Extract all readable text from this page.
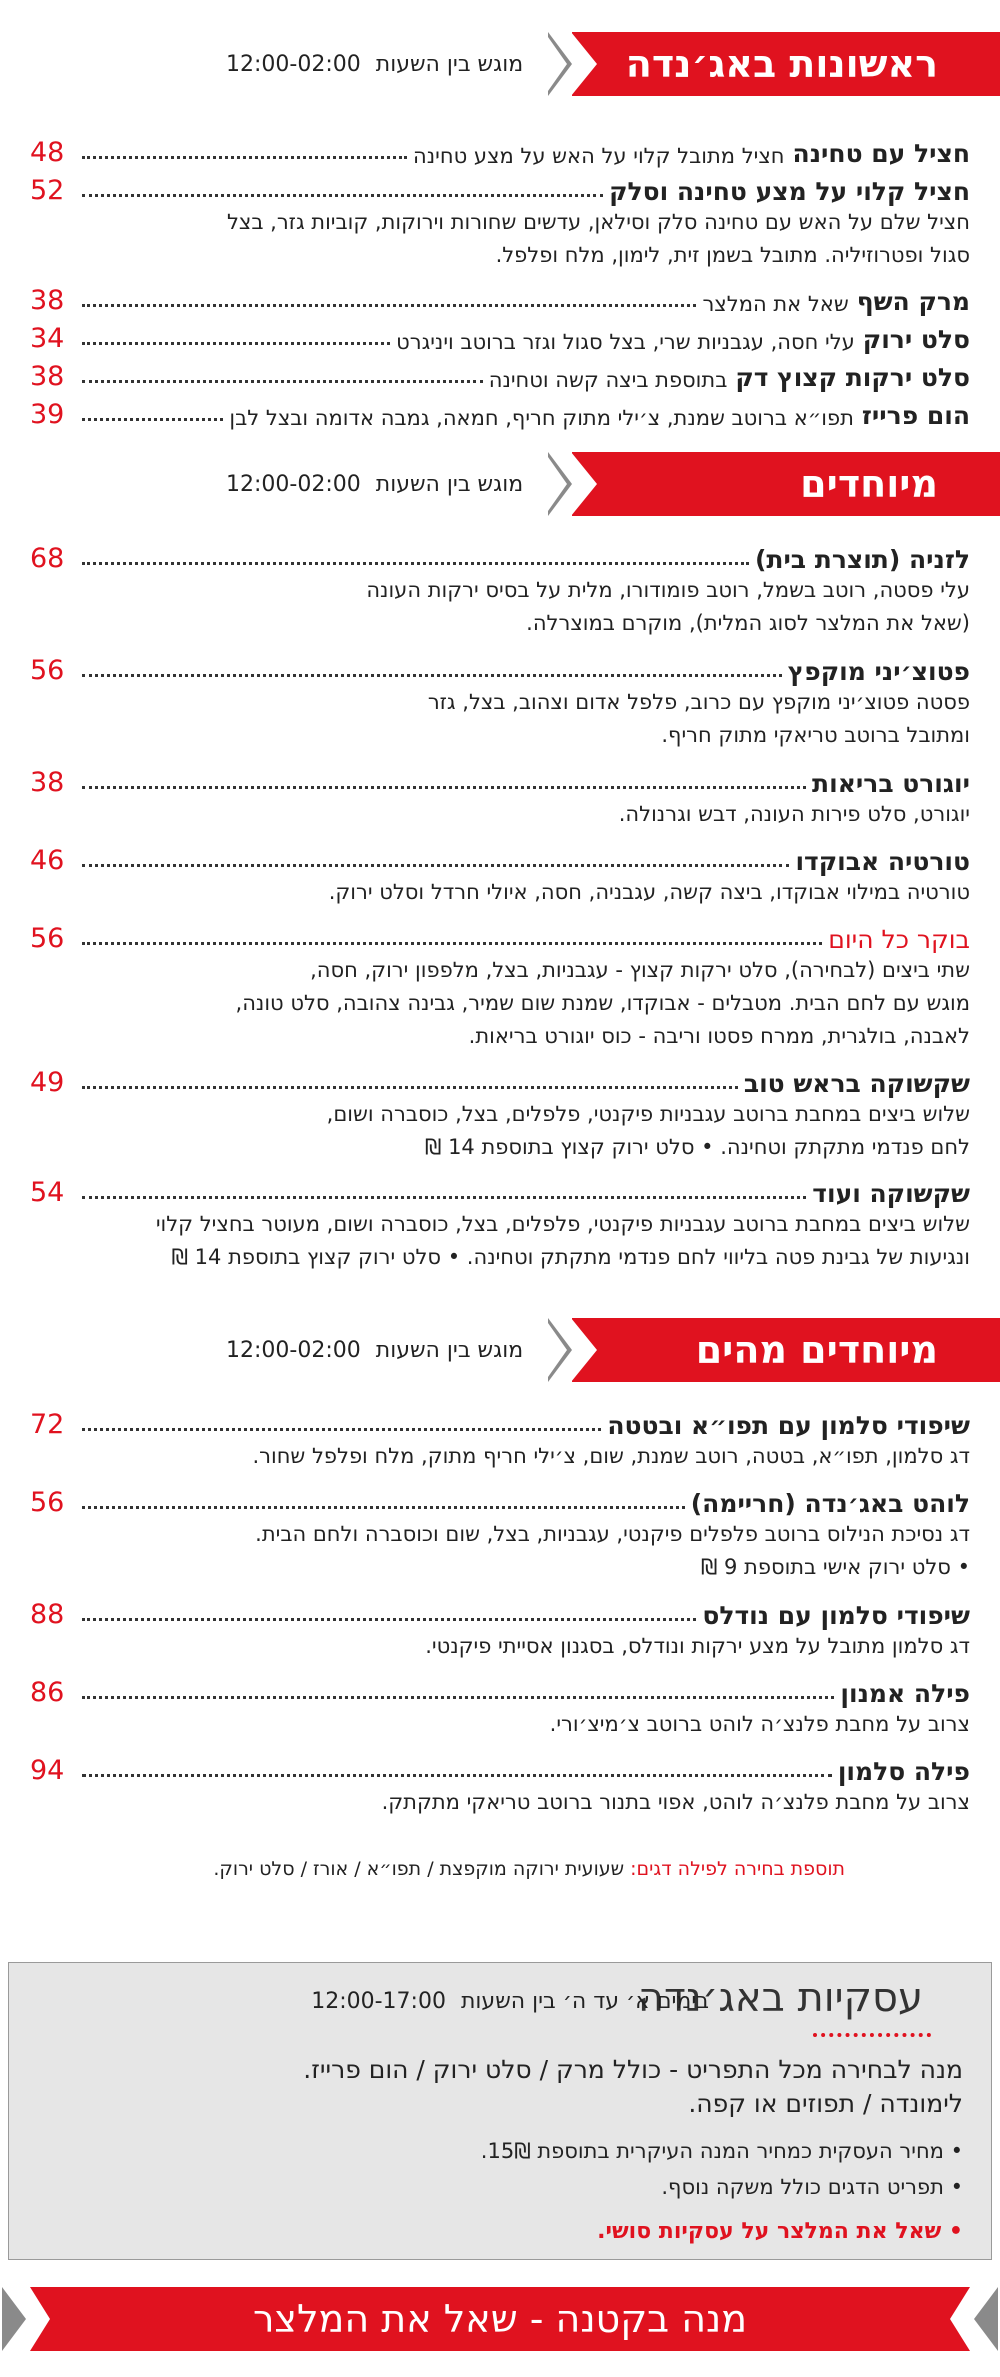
ראשונות באג׳נדה
מוגש בין השעות 12:00-02:00
חציל עם טחינה
חציל מתובל קלוי על האש על מצע טחינה
48
חציל קלוי על מצע טחינה וסלק
52
חציל שלם על האש עם טחינה סלק וסילאן, עדשים שחורות וירוקות, קוביות גזר, בצל
סגול ופטרוזיליה. מתובל בשמן זית, לימון, מלח ופלפל.
מרק השף
שאל את המלצר
38
סלט ירוק
עלי חסה, עגבניות שרי, בצל סגול וגזר ברוטב ויניגרט
34
סלט ירקות קצוץ דק
בתוספת ביצה קשה וטחינה
38
הום פרייז
תפו״א ברוטב שמנת, צ׳ילי מתוק חריף, חמאה, גמבה אדומה ובצל לבן
39
מיוחדים
מוגש בין השעות 12:00-02:00
לזניה (תוצרת בית)
68
עלי פסטה, רוטב בשמל, רוטב פומודורו, מלית על בסיס ירקות העונה
(שאל את המלצר לסוג המלית), מוקרם במוצרלה.
פטוצ׳יני מוקפץ
56
פסטה פטוצ׳יני מוקפץ עם כרוב, פלפל אדום וצהוב, בצל, גזר
ומתובל ברוטב טריאקי מתוק חריף.
יוגורט בריאות
38
יוגורט, סלט פירות העונה, דבש וגרנולה.
טורטיה אבוקדו
46
טורטיה במילוי אבוקדו, ביצה קשה, עגבניה, חסה, איולי חרדל וסלט ירוק.
בוקר כל היום
56
שתי ביצים (לבחירה), סלט ירקות קצוץ - עגבניות, בצל, מלפפון ירוק, חסה,
מוגש עם לחם הבית. מטבלים - אבוקדו, שמנת שום שמיר, גבינה צהובה, סלט טונה,
לאבנה, בולגרית, ממרח פסטו וריבה - כוס יוגורט בריאות.
שקשוקה בראש טוב
49
שלוש ביצים במחבת ברוטב עגבניות פיקנטי, פלפלים, בצל, כוסברה ושום,
לחם פנדמי מתקתק וטחינה. • סלט ירוק קצוץ בתוספת 14 ₪
שקשוקה ועוד
54
שלוש ביצים במחבת ברוטב עגבניות פיקנטי, פלפלים, בצל, כוסברה ושום, מעוטר בחציל קלוי
ונגיעות של גבינת פטה בליווי לחם פנדמי מתקתק וטחינה. • סלט ירוק קצוץ בתוספת 14 ₪
מיוחדים מהים
מוגש בין השעות 12:00-02:00
שיפודי סלמון עם תפו״א ובטטה
72
דג סלמון, תפו״א, בטטה, רוטב שמנת, שום, צ׳ילי חריף מתוק, מלח ופלפל שחור.
לוהט באג׳נדה (חריימה)
56
דג נסיכת הנילוס ברוטב פלפלים פיקנטי, עגבניות, בצל, שום וכוסברה ולחם הבית.
• סלט ירוק אישי בתוספת 9 ₪
שיפודי סלמון עם נודלס
88
דג סלמון מתובל על מצע ירקות ונודלס, בסגנון אסייתי פיקנטי.
פילה אמנון
86
צרוב על מחבת פלנצ׳ה לוהט ברוטב צ׳מיצ׳ורי.
פילה סלמון
94
צרוב על מחבת פלנצ׳ה לוהט, אפוי בתנור ברוטב טריאקי מתקתק.
תוספת בחירה לפילה דגים: שעועית ירוקה מוקפצת / תפו״א / אורז / סלט ירוק.
עסקיות באג׳נדה
בימים א׳ עד ה׳ בין השעות 12:00-17:00
מנה לבחירה מכל התפריט - כולל מרק / סלט ירוק / הום פרייז.
לימונדה / תפוזים או קפה.
• מחיר העסקית כמחיר המנה העיקרית בתוספת 15₪.
• תפריט הדגים כולל משקה נוסף.
• שאל את המלצר על עסקיות סושי.
מנה בקטנה - שאל את המלצר
